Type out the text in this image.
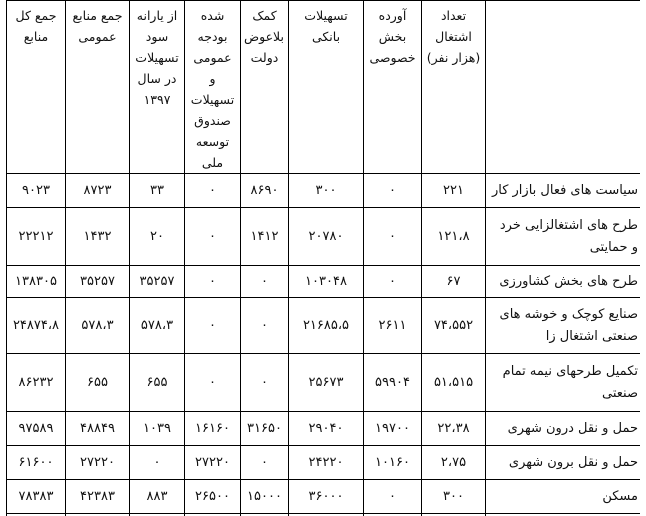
	تعداد اشتغال (هزار نفر)	آورده بخش خصوصی	تسهیلات بانکی	کمک بلاعوض دولت	شده بودجه عمومی و تسهیلات صندوق توسعه ملی	از یارانه سود تسهیلات در سال ۱۳۹۷	جمع منابع عمومی	جمع کل منابع
سیاست های فعال بازار کار	۲۲۱	۰	۳۰۰	۸۶۹۰	۰	۳۳	۸۷۲۳	۹۰۲۳
طرح های اشتغالزایی خرد و حمایتی	۱۲۱،۸	۰	۲۰۷۸۰	۱۴۱۲	۰	۲۰	۱۴۳۲	۲۲۲۱۲
طرح های بخش کشاورزی	۶۷	۰	۱۰۳۰۴۸	۰	۰	۳۵۲۵۷	۳۵۲۵۷	۱۳۸۳۰۵
صنایع کوچک و خوشه های صنعتی اشتغال زا	۷۴،۵۵۲	۲۶۱۱	۲۱۶۸۵،۵	۰	۰	۵۷۸،۳	۵۷۸،۳	۲۴۸۷۴،۸
تکمیل طرحهای نیمه تمام صنعتی	۵۱،۵۱۵	۵۹۹۰۴	۲۵۶۷۳	۰	۰	۶۵۵	۶۵۵	۸۶۲۳۲
حمل و نقل درون شهری	۲۲،۳۸	۱۹۷۰۰	۲۹۰۴۰	۳۱۶۵۰	۱۶۱۶۰	۱۰۳۹	۴۸۸۴۹	۹۷۵۸۹
حمل و نقل برون شهری	۲،۷۵	۱۰۱۶۰	۲۴۲۲۰	۰	۲۷۲۲۰	۰	۲۷۲۲۰	۶۱۶۰۰
مسکن	۳۰۰	۰	۳۶۰۰۰	۱۵۰۰۰	۲۶۵۰۰	۸۸۳	۴۲۳۸۳	۷۸۳۸۳
